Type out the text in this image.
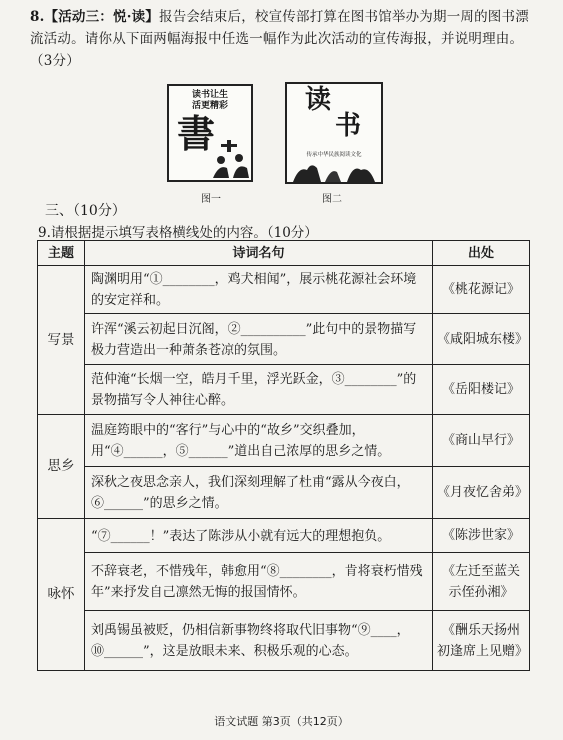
8.【活动三：悦·读】报告会结束后，校宣传部打算在图书馆举办为期一周的图书漂流活动。请你从下面两幅海报中任选一幅作为此次活动的宣传海报，并说明理由。（3分）
读书让生活更精彩
書
读
书
传承中华民族阅读文化
图一	图二
三、（10分）
9.请根据提示填写表格横线处的内容。（10分）
主题	诗词名句	出处
写景	陶渊明用“①________，鸡犬相闻”，展示桃花源社会环境的安定祥和。	《桃花源记》
	许浑“溪云初起日沉阁，②__________”此句中的景物描写极力营造出一种萧条苍凉的氛围。	《咸阳城东楼》
	范仲淹“长烟一空，皓月千里，浮光跃金，③________”的景物描写令人神往心醉。	《岳阳楼记》
思乡	温庭筠眼中的“客行”与心中的“故乡”交织叠加，用“④______，⑤______”道出自己浓厚的思乡之情。	《商山早行》
	深秋之夜思念亲人，我们深刻理解了杜甫“露从今夜白，⑥______”的思乡之情。	《月夜忆舍弟》
咏怀	“⑦______！”表达了陈涉从小就有远大的理想抱负。	《陈涉世家》
	不辞衰老，不惜残年，韩愈用“⑧________，肯将衰朽惜残年”来抒发自己凛然无悔的报国情怀。	《左迁至蓝关示侄孙湘》
	刘禹锡虽被贬，仍相信新事物终将取代旧事物“⑨____，⑩______”，这是放眼未来、积极乐观的心态。	《酬乐天扬州初逢席上见赠》
语文试题 第3页（共12页）
